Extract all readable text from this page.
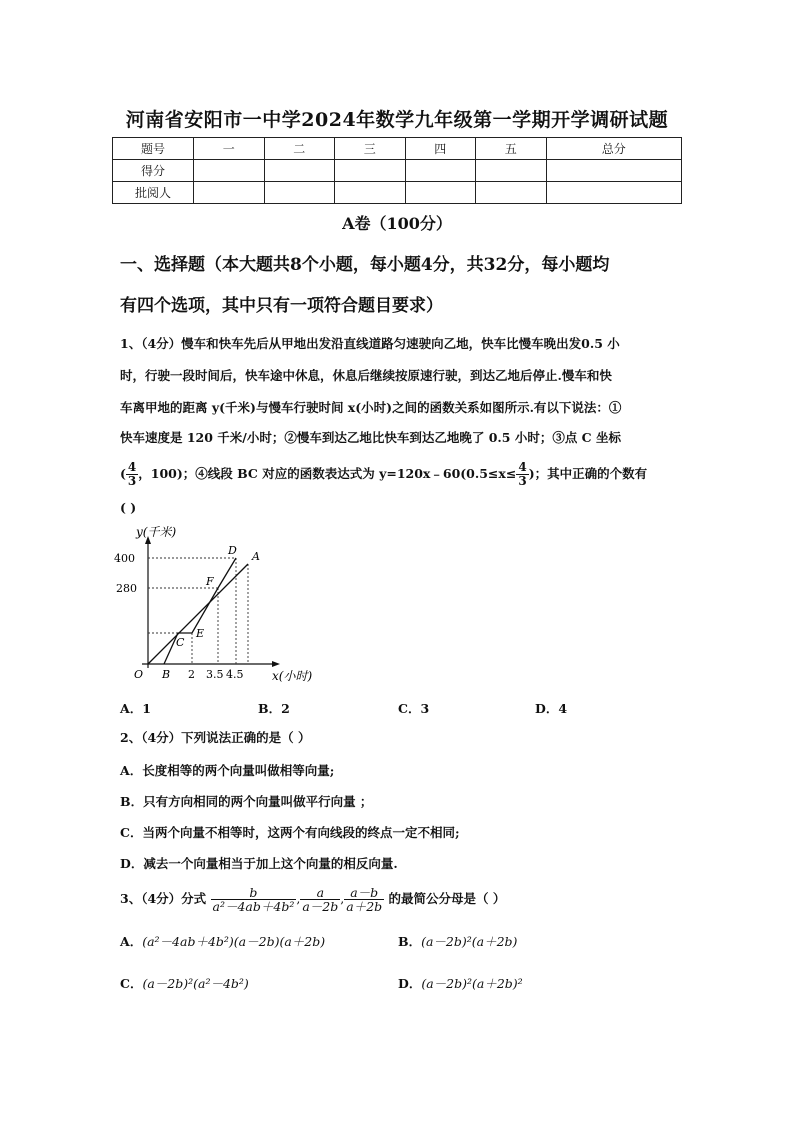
河南省安阳市一中学2024年数学九年级第一学期开学调研试题
题号	一	二	三	四	五	总分
得分						
批阅人						
A卷（100分）
一、选择题（本大题共8个小题，每小题4分，共32分，每小题均
有四个选项，其中只有一项符合题目要求）
1、（4分）慢车和快车先后从甲地出发沿直线道路匀速驶向乙地，快车比慢车晚出发0.5 小
时，行驶一段时间后，快车途中休息，休息后继续按原速行驶，到达乙地后停止.慢车和快
车离甲地的距离 y(千米)与慢车行驶时间 x(小时)之间的函数关系如图所示.有以下说法：①
快车速度是 120 千米/小时；②慢车到达乙地比快车到达乙地晚了 0.5 小时；③点 C 坐标
( $\frac{4}{3}$ ，100)；④线段 BC 对应的函数表达式为 y=120x﹣60(0.5≤x≤ $\frac{4}{3}$ )；其中正确的个数有
( )
y(千米)
400
280
O B 2 3.5 4.5 x(小时)
C
E
F
D A
A．1	B．2	C．3	D．4
2、（4分）下列说法正确的是（ ）
A．长度相等的两个向量叫做相等向量;
B．只有方向相同的两个向量叫做平行向量 ；
C．当两个向量不相等时，这两个有向线段的终点一定不相同;
D．减去一个向量相当于加上这个向量的相反向量.
3、（4分）分式 $\frac{b}{\text{a²－4ab＋4b²}}$ , $\frac{a}{a-2b}$ , $\frac{a-b}{a+2b}$ 的最简公分母是（ ）
A．(a²－4ab＋4b²)(a－2b)(a＋2b)	B．(a－2b)²(a＋2b)
C．(a－2b)²(a²－4b²)	D．(a－2b)²(a＋2b)²
